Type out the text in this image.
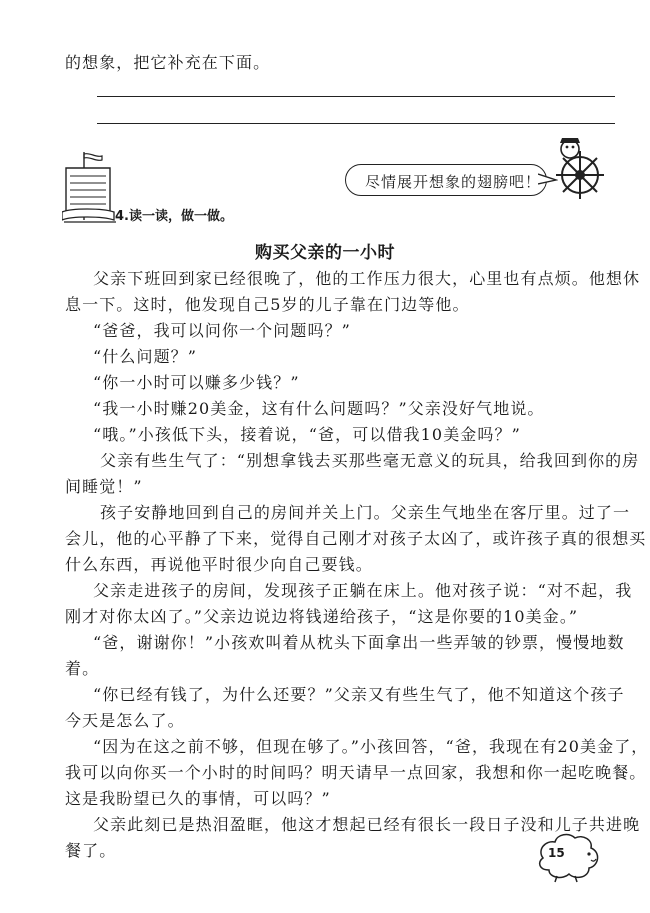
的想象，把它补充在下面。
4.读一读，做一做。
尽情展开想象的翅膀吧！
购买父亲的一小时
父亲下班回到家已经很晚了，他的工作压力很大，心里也有点烦。他想休
息一下。这时，他发现自己5岁的儿子靠在门边等他。
“爸爸，我可以问你一个问题吗？”
“什么问题？”
“你一小时可以赚多少钱？”
“我一小时赚20美金，这有什么问题吗？”父亲没好气地说。
“哦。”小孩低下头，接着说，“爸，可以借我10美金吗？”
父亲有些生气了：“别想拿钱去买那些毫无意义的玩具，给我回到你的房
间睡觉！”
孩子安静地回到自己的房间并关上门。父亲生气地坐在客厅里。过了一
会儿，他的心平静了下来，觉得自己刚才对孩子太凶了，或许孩子真的很想买
什么东西，再说他平时很少向自己要钱。
父亲走进孩子的房间，发现孩子正躺在床上。他对孩子说：“对不起，我
刚才对你太凶了。”父亲边说边将钱递给孩子，“这是你要的10美金。”
“爸，谢谢你！”小孩欢叫着从枕头下面拿出一些弄皱的钞票，慢慢地数
着。
“你已经有钱了，为什么还要？”父亲又有些生气了，他不知道这个孩子
今天是怎么了。
“因为在这之前不够，但现在够了。”小孩回答，“爸，我现在有20美金了，
我可以向你买一个小时的时间吗？明天请早一点回家，我想和你一起吃晚餐。
这是我盼望已久的事情，可以吗？”
父亲此刻已是热泪盈眶，他这才想起已经有很长一段日子没和儿子共进晚
餐了。	15
